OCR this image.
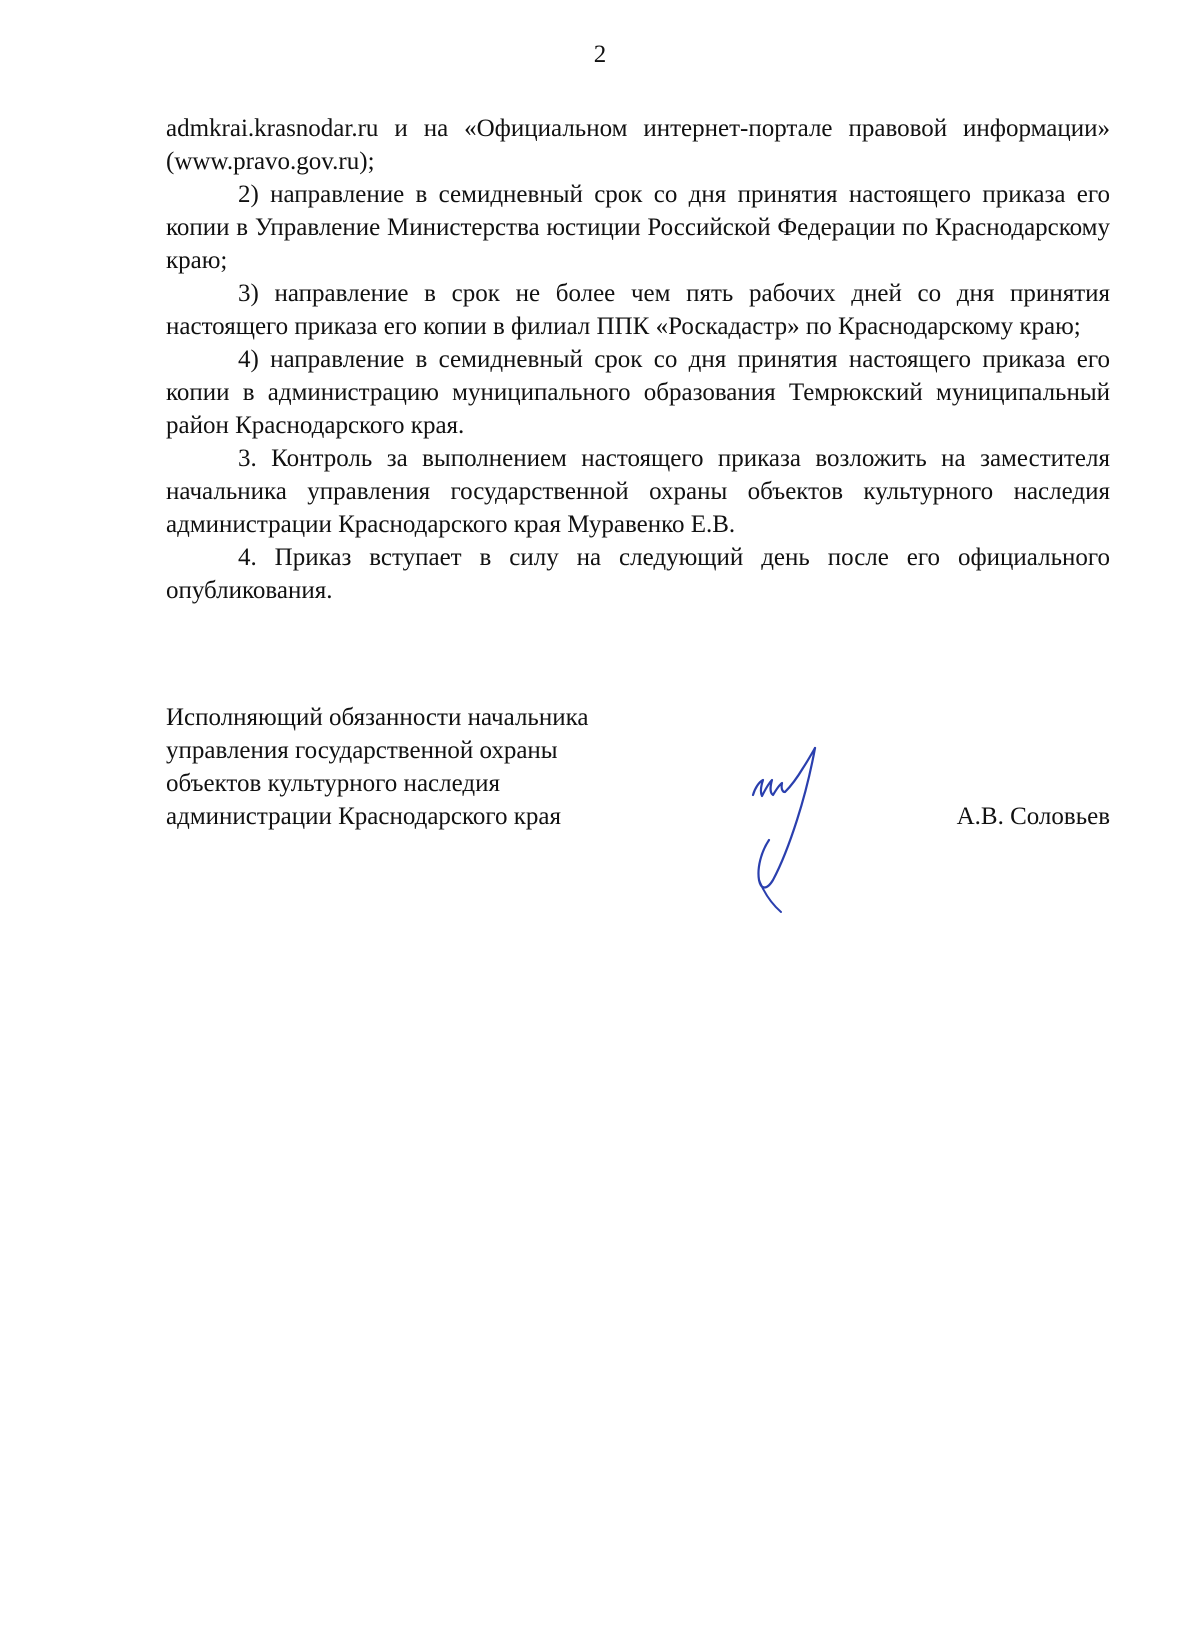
2

admkrai.krasnodar.ru и на «Официальном интернет-портале правовой информации» (www.pravo.gov.ru);

2) направление в семидневный срок со дня принятия настоящего приказа его копии в Управление Министерства юстиции Российской Федерации по Краснодарскому краю;

3) направление в срок не более чем пять рабочих дней со дня принятия настоящего приказа его копии в филиал ППК «Роскадастр» по Краснодарскому краю;

4) направление в семидневный срок со дня принятия настоящего приказа его копии в администрацию муниципального образования Темрюкский муниципальный район Краснодарского края.

3. Контроль за выполнением настоящего приказа возложить на заместителя начальника управления государственной охраны объектов культурного наследия администрации Краснодарского края Муравенко Е.В.

4. Приказ вступает в силу на следующий день после его официального опубликования.

Исполняющий обязанности начальника
управления государственной охраны
объектов культурного наследия
администрации Краснодарского края	А.В. Соловьев
